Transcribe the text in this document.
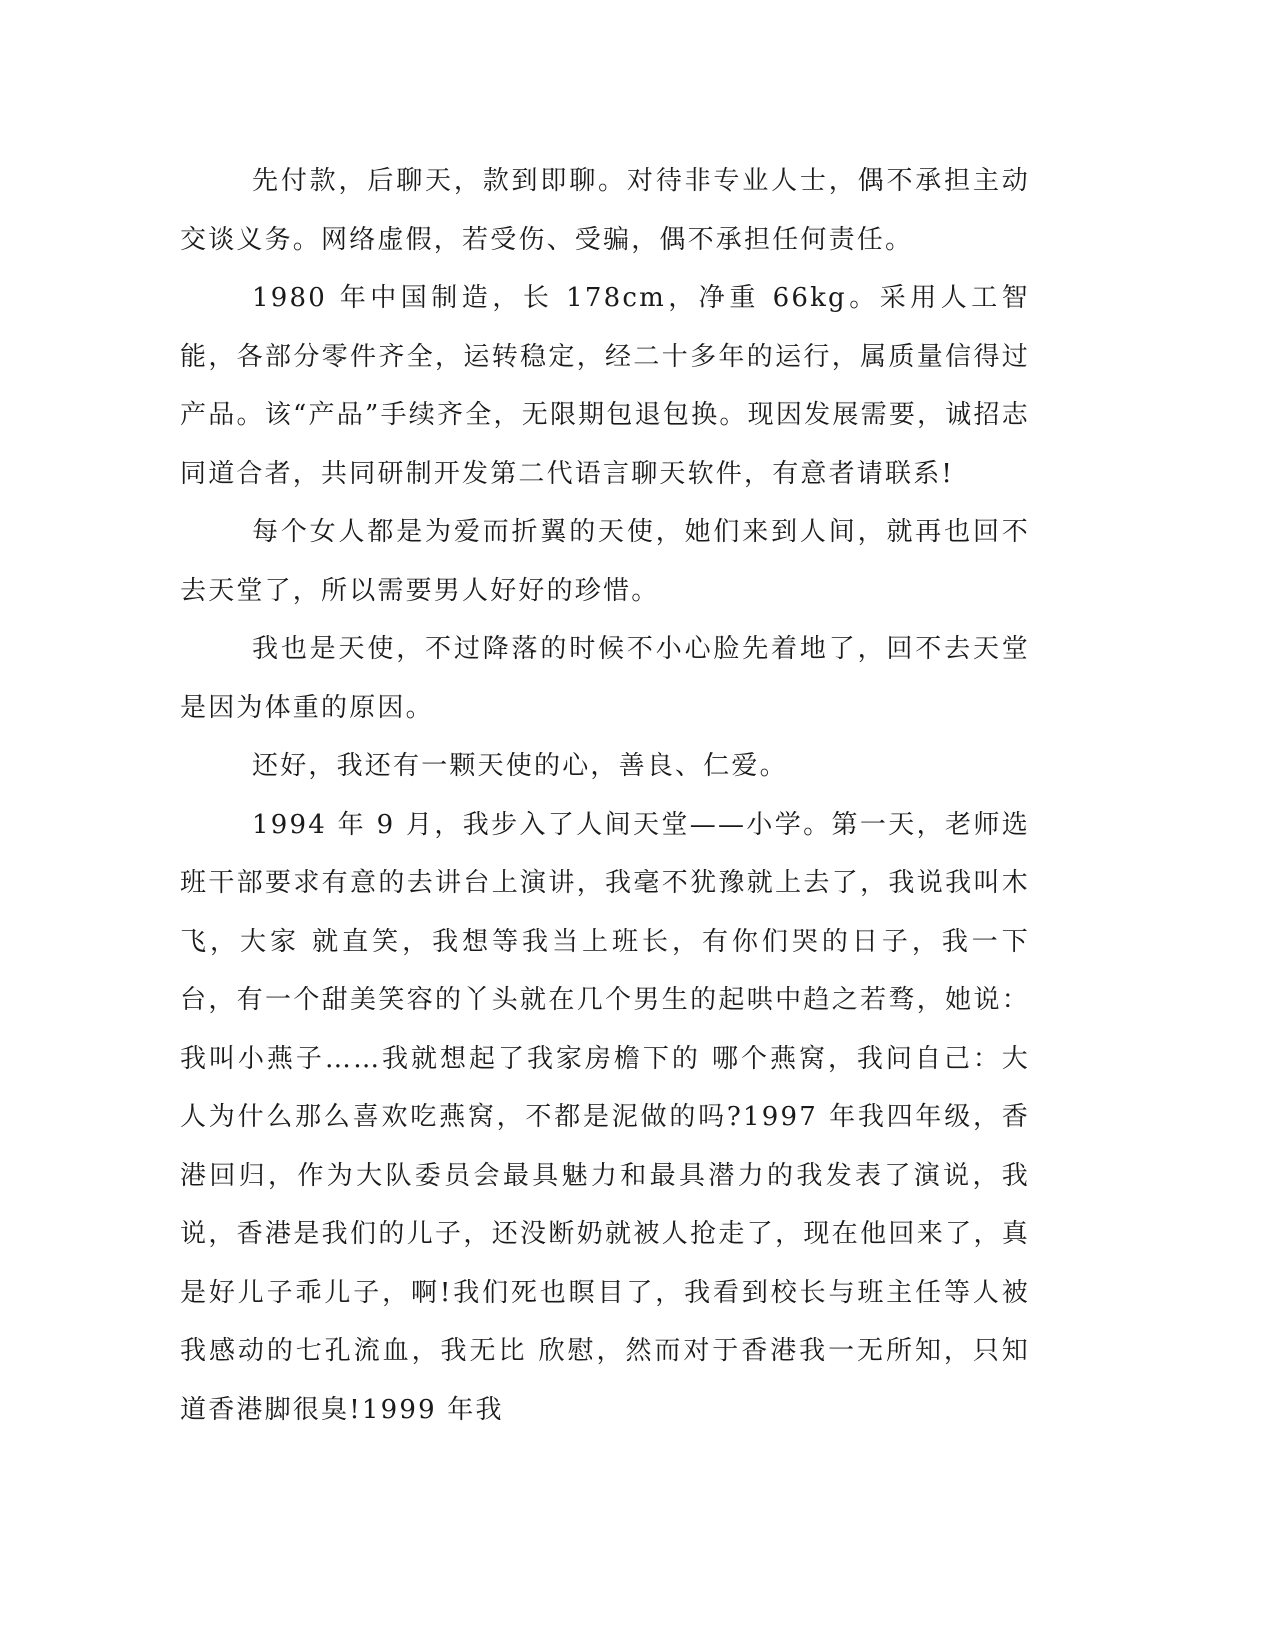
先付款，后聊天，款到即聊。对待非专业人士，偶不承担主动交谈义务。网络虚假，若受伤、受骗，偶不承担任何责任。

1980 年中国制造，长 178cm，净重 66kg。采用人工智能，各部分零件齐全，运转稳定，经二十多年的运行，属质量信得过产品。该“产品”手续齐全，无限期包退包换。现因发展需要，诚招志同道合者，共同研制开发第二代语言聊天软件，有意者请联系!

每个女人都是为爱而折翼的天使，她们来到人间，就再也回不去天堂了，所以需要男人好好的珍惜。

我也是天使，不过降落的时候不小心脸先着地了，回不去天堂是因为体重的原因。

还好，我还有一颗天使的心，善良、仁爱。

1994 年 9 月，我步入了人间天堂——小学。第一天，老师选班干部要求有意的去讲台上演讲，我毫不犹豫就上去了，我说我叫木飞，大家 就直笑，我想等我当上班长，有你们哭的日子，我一下台，有一个甜美笑容的丫头就在几个男生的起哄中趋之若骛，她说：我叫小燕子……我就想起了我家房檐下的 哪个燕窝，我问自己：大人为什么那么喜欢吃燕窝，不都是泥做的吗?1997 年我四年级，香港回归，作为大队委员会最具魅力和最具潜力的我发表了演说，我 说，香港是我们的儿子，还没断奶就被人抢走了，现在他回来了，真是好儿子乖儿子，啊!我们死也瞑目了，我看到校长与班主任等人被我感动的七孔流血，我无比 欣慰，然而对于香港我一无所知，只知道香港脚很臭!1999 年我
